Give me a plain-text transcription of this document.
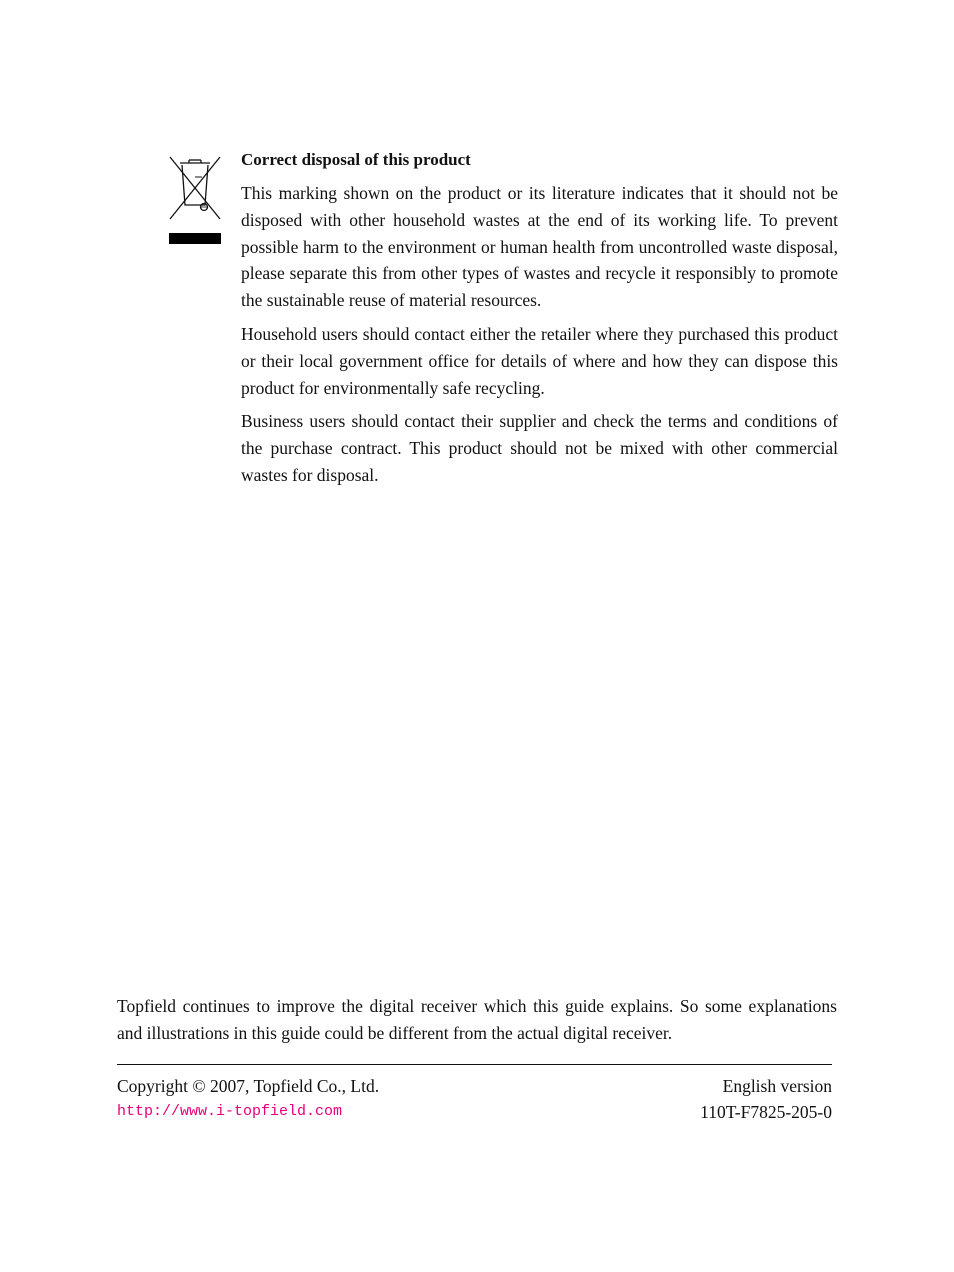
Correct disposal of this product

This marking shown on the product or its literature indicates that it should not be disposed with other household wastes at the end of its working life. To prevent possible harm to the environment or human health from uncontrolled waste disposal, please separate this from other types of wastes and recycle it responsibly to promote the sustainable reuse of material resources.

Household users should contact either the retailer where they purchased this product or their local government office for details of where and how they can dispose this product for environmentally safe recycling.

Business users should contact their supplier and check the terms and conditions of the purchase contract. This product should not be mixed with other commercial wastes for disposal.

Topfield continues to improve the digital receiver which this guide explains. So some explanations and illustrations in this guide could be different from the actual digital receiver.

Copyright © 2007, Topfield Co., Ltd.
http://www.i-topfield.com
English version
110T-F7825-205-0
